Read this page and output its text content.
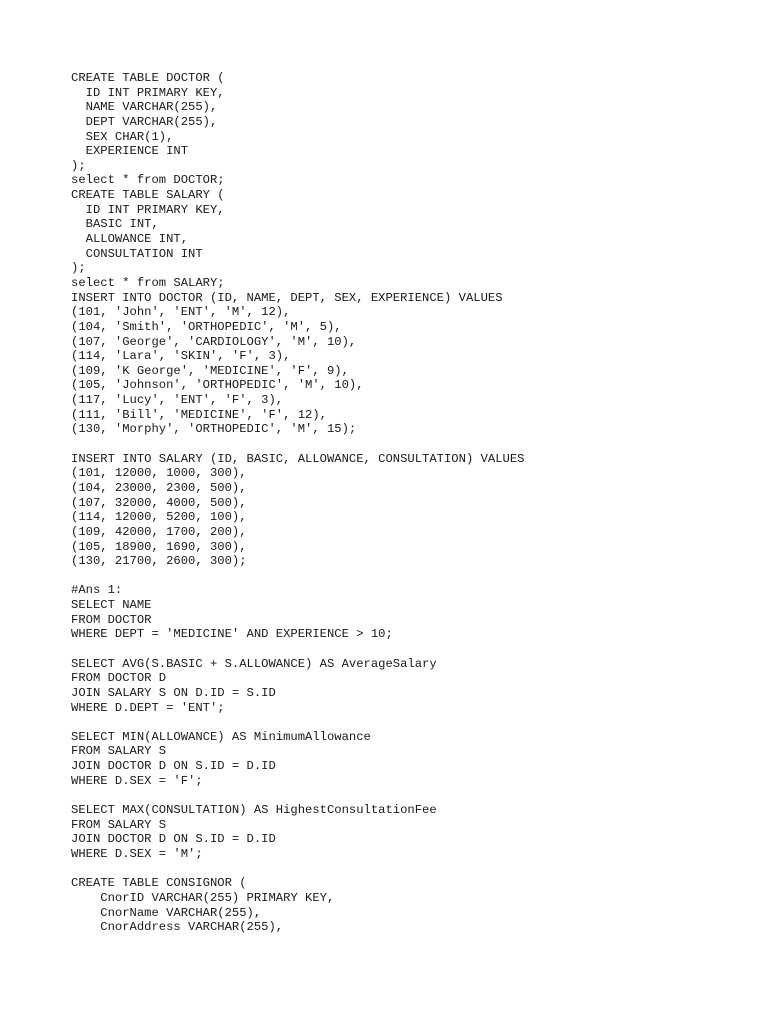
CREATE TABLE DOCTOR (
ID INT PRIMARY KEY,
NAME VARCHAR(255),
DEPT VARCHAR(255),
SEX CHAR(1),
EXPERIENCE INT
);
select * from DOCTOR;
CREATE TABLE SALARY (
ID INT PRIMARY KEY,
BASIC INT,
ALLOWANCE INT,
CONSULTATION INT
);
select * from SALARY;
INSERT INTO DOCTOR (ID, NAME, DEPT, SEX, EXPERIENCE) VALUES
(101, 'John', 'ENT', 'M', 12),
(104, 'Smith', 'ORTHOPEDIC', 'M', 5),
(107, 'George', 'CARDIOLOGY', 'M', 10),
(114, 'Lara', 'SKIN', 'F', 3),
(109, 'K George', 'MEDICINE', 'F', 9),
(105, 'Johnson', 'ORTHOPEDIC', 'M', 10),
(117, 'Lucy', 'ENT', 'F', 3),
(111, 'Bill', 'MEDICINE', 'F', 12),
(130, 'Morphy', 'ORTHOPEDIC', 'M', 15);
INSERT INTO SALARY (ID, BASIC, ALLOWANCE, CONSULTATION) VALUES
(101, 12000, 1000, 300),
(104, 23000, 2300, 500),
(107, 32000, 4000, 500),
(114, 12000, 5200, 100),
(109, 42000, 1700, 200),
(105, 18900, 1690, 300),
(130, 21700, 2600, 300);
#Ans 1:
SELECT NAME
FROM DOCTOR
WHERE DEPT = 'MEDICINE' AND EXPERIENCE > 10;
SELECT AVG(S.BASIC + S.ALLOWANCE) AS AverageSalary
FROM DOCTOR D
JOIN SALARY S ON D.ID = S.ID
WHERE D.DEPT = 'ENT';
SELECT MIN(ALLOWANCE) AS MinimumAllowance
FROM SALARY S
JOIN DOCTOR D ON S.ID = D.ID
WHERE D.SEX = 'F';
SELECT MAX(CONSULTATION) AS HighestConsultationFee
FROM SALARY S
JOIN DOCTOR D ON S.ID = D.ID
WHERE D.SEX = 'M';
CREATE TABLE CONSIGNOR (
CnorID VARCHAR(255) PRIMARY KEY,
CnorName VARCHAR(255),
CnorAddress VARCHAR(255),
